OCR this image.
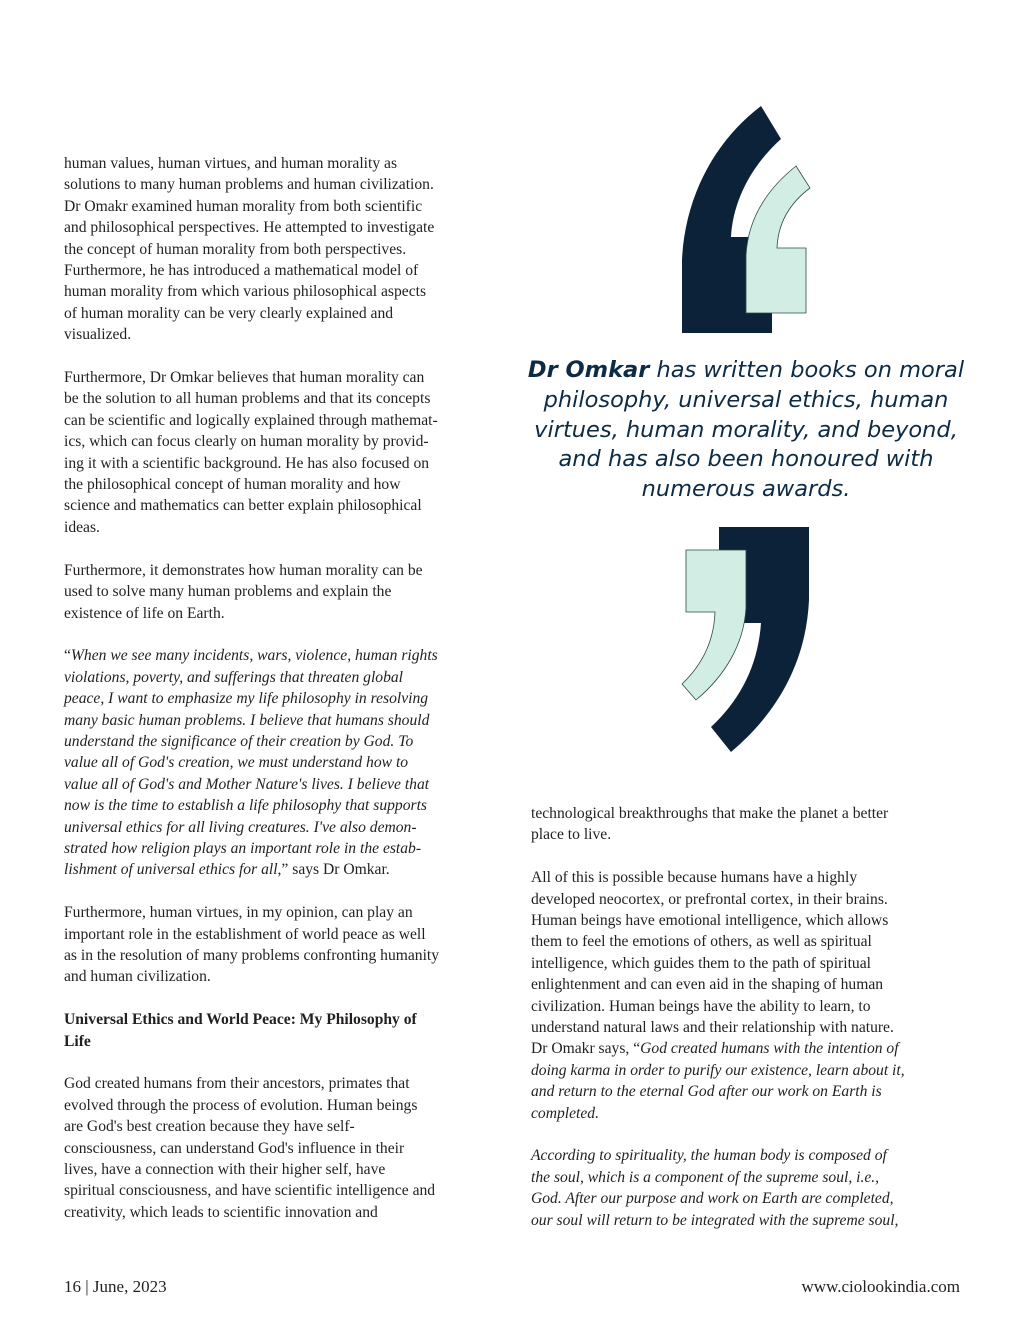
human values, human virtues, and human morality as
solutions to many human problems and human civilization.
Dr Omakr examined human morality from both scientific
and philosophical perspectives. He attempted to investigate
the concept of human morality from both perspectives.
Furthermore, he has introduced a mathematical model of
human morality from which various philosophical aspects
of human morality can be very clearly explained and
visualized.

Furthermore, Dr Omkar believes that human morality can
be the solution to all human problems and that its concepts
can be scientific and logically explained through mathemat-
ics, which can focus clearly on human morality by provid-
ing it with a scientific background. He has also focused on
the philosophical concept of human morality and how
science and mathematics can better explain philosophical
ideas.

Furthermore, it demonstrates how human morality can be
used to solve many human problems and explain the
existence of life on Earth.

“When we see many incidents, wars, violence, human rights
violations, poverty, and sufferings that threaten global
peace, I want to emphasize my life philosophy in resolving
many basic human problems. I believe that humans should
understand the significance of their creation by God. To
value all of God's creation, we must understand how to
value all of God's and Mother Nature's lives. I believe that
now is the time to establish a life philosophy that supports
universal ethics for all living creatures. I've also demon-
strated how religion plays an important role in the estab-
lishment of universal ethics for all,” says Dr Omkar.

Furthermore, human virtues, in my opinion, can play an
important role in the establishment of world peace as well
as in the resolution of many problems confronting humanity
and human civilization.

Universal Ethics and World Peace: My Philosophy of
Life

God created humans from their ancestors, primates that
evolved through the process of evolution. Human beings
are God's best creation because they have self-
consciousness, can understand God's influence in their
lives, have a connection with their higher self, have
spiritual consciousness, and have scientific intelligence and
creativity, which leads to scientific innovation and

Dr Omkar has written books on moral philosophy, universal ethics, human virtues, human morality, and beyond, and has also been honoured with numerous awards.

technological breakthroughs that make the planet a better
place to live.

All of this is possible because humans have a highly
developed neocortex, or prefrontal cortex, in their brains.
Human beings have emotional intelligence, which allows
them to feel the emotions of others, as well as spiritual
intelligence, which guides them to the path of spiritual
enlightenment and can even aid in the shaping of human
civilization. Human beings have the ability to learn, to
understand natural laws and their relationship with nature.
Dr Omakr says, “God created humans with the intention of
doing karma in order to purify our existence, learn about it,
and return to the eternal God after our work on Earth is
completed.

According to spirituality, the human body is composed of
the soul, which is a component of the supreme soul, i.e.,
God. After our purpose and work on Earth are completed,
our soul will return to be integrated with the supreme soul,

16 | June, 2023	www.ciolookindia.com
